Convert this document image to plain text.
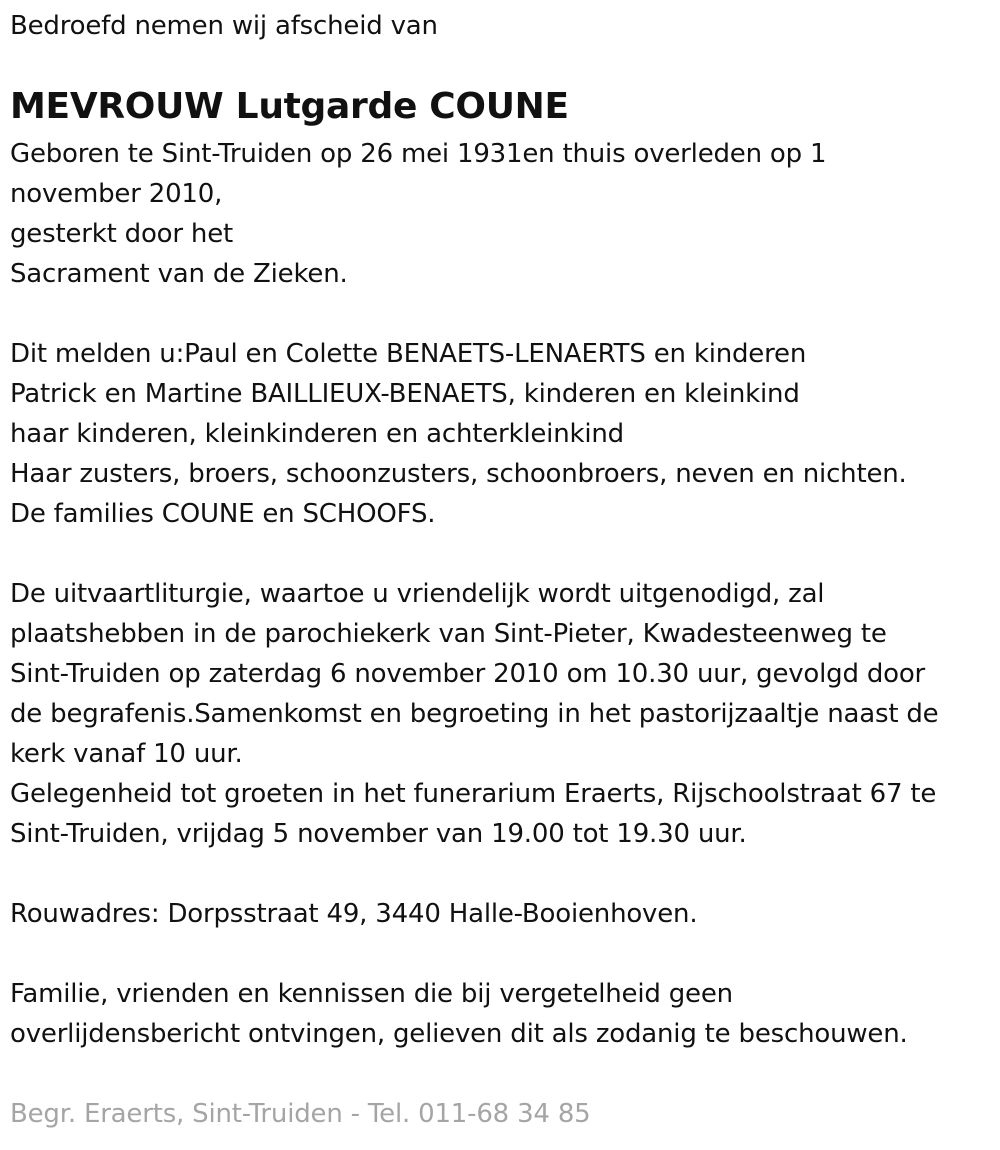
Bedroefd nemen wij afscheid van
MEVROUW Lutgarde COUNE
Geboren te Sint-Truiden op 26 mei 1931en thuis overleden op 1
november 2010,
gesterkt door het
Sacrament van de Zieken.
Dit melden u:Paul en Colette BENAETS-LENAERTS en kinderen
Patrick en Martine BAILLIEUX-BENAETS, kinderen en kleinkind
haar kinderen, kleinkinderen en achterkleinkind
Haar zusters, broers, schoonzusters, schoonbroers, neven en nichten.
De families COUNE en SCHOOFS.
De uitvaartliturgie, waartoe u vriendelijk wordt uitgenodigd, zal
plaatshebben in de parochiekerk van Sint-Pieter, Kwadesteenweg te
Sint-Truiden op zaterdag 6 november 2010 om 10.30 uur, gevolgd door
de begrafenis.Samenkomst en begroeting in het pastorijzaaltje naast de
kerk vanaf 10 uur.
Gelegenheid tot groeten in het funerarium Eraerts, Rijschoolstraat 67 te
Sint-Truiden, vrijdag 5 november van 19.00 tot 19.30 uur.
Rouwadres: Dorpsstraat 49, 3440 Halle-Booienhoven.
Familie, vrienden en kennissen die bij vergetelheid geen
overlijdensbericht ontvingen, gelieven dit als zodanig te beschouwen.
Begr. Eraerts, Sint-Truiden - Tel. 011-68 34 85
